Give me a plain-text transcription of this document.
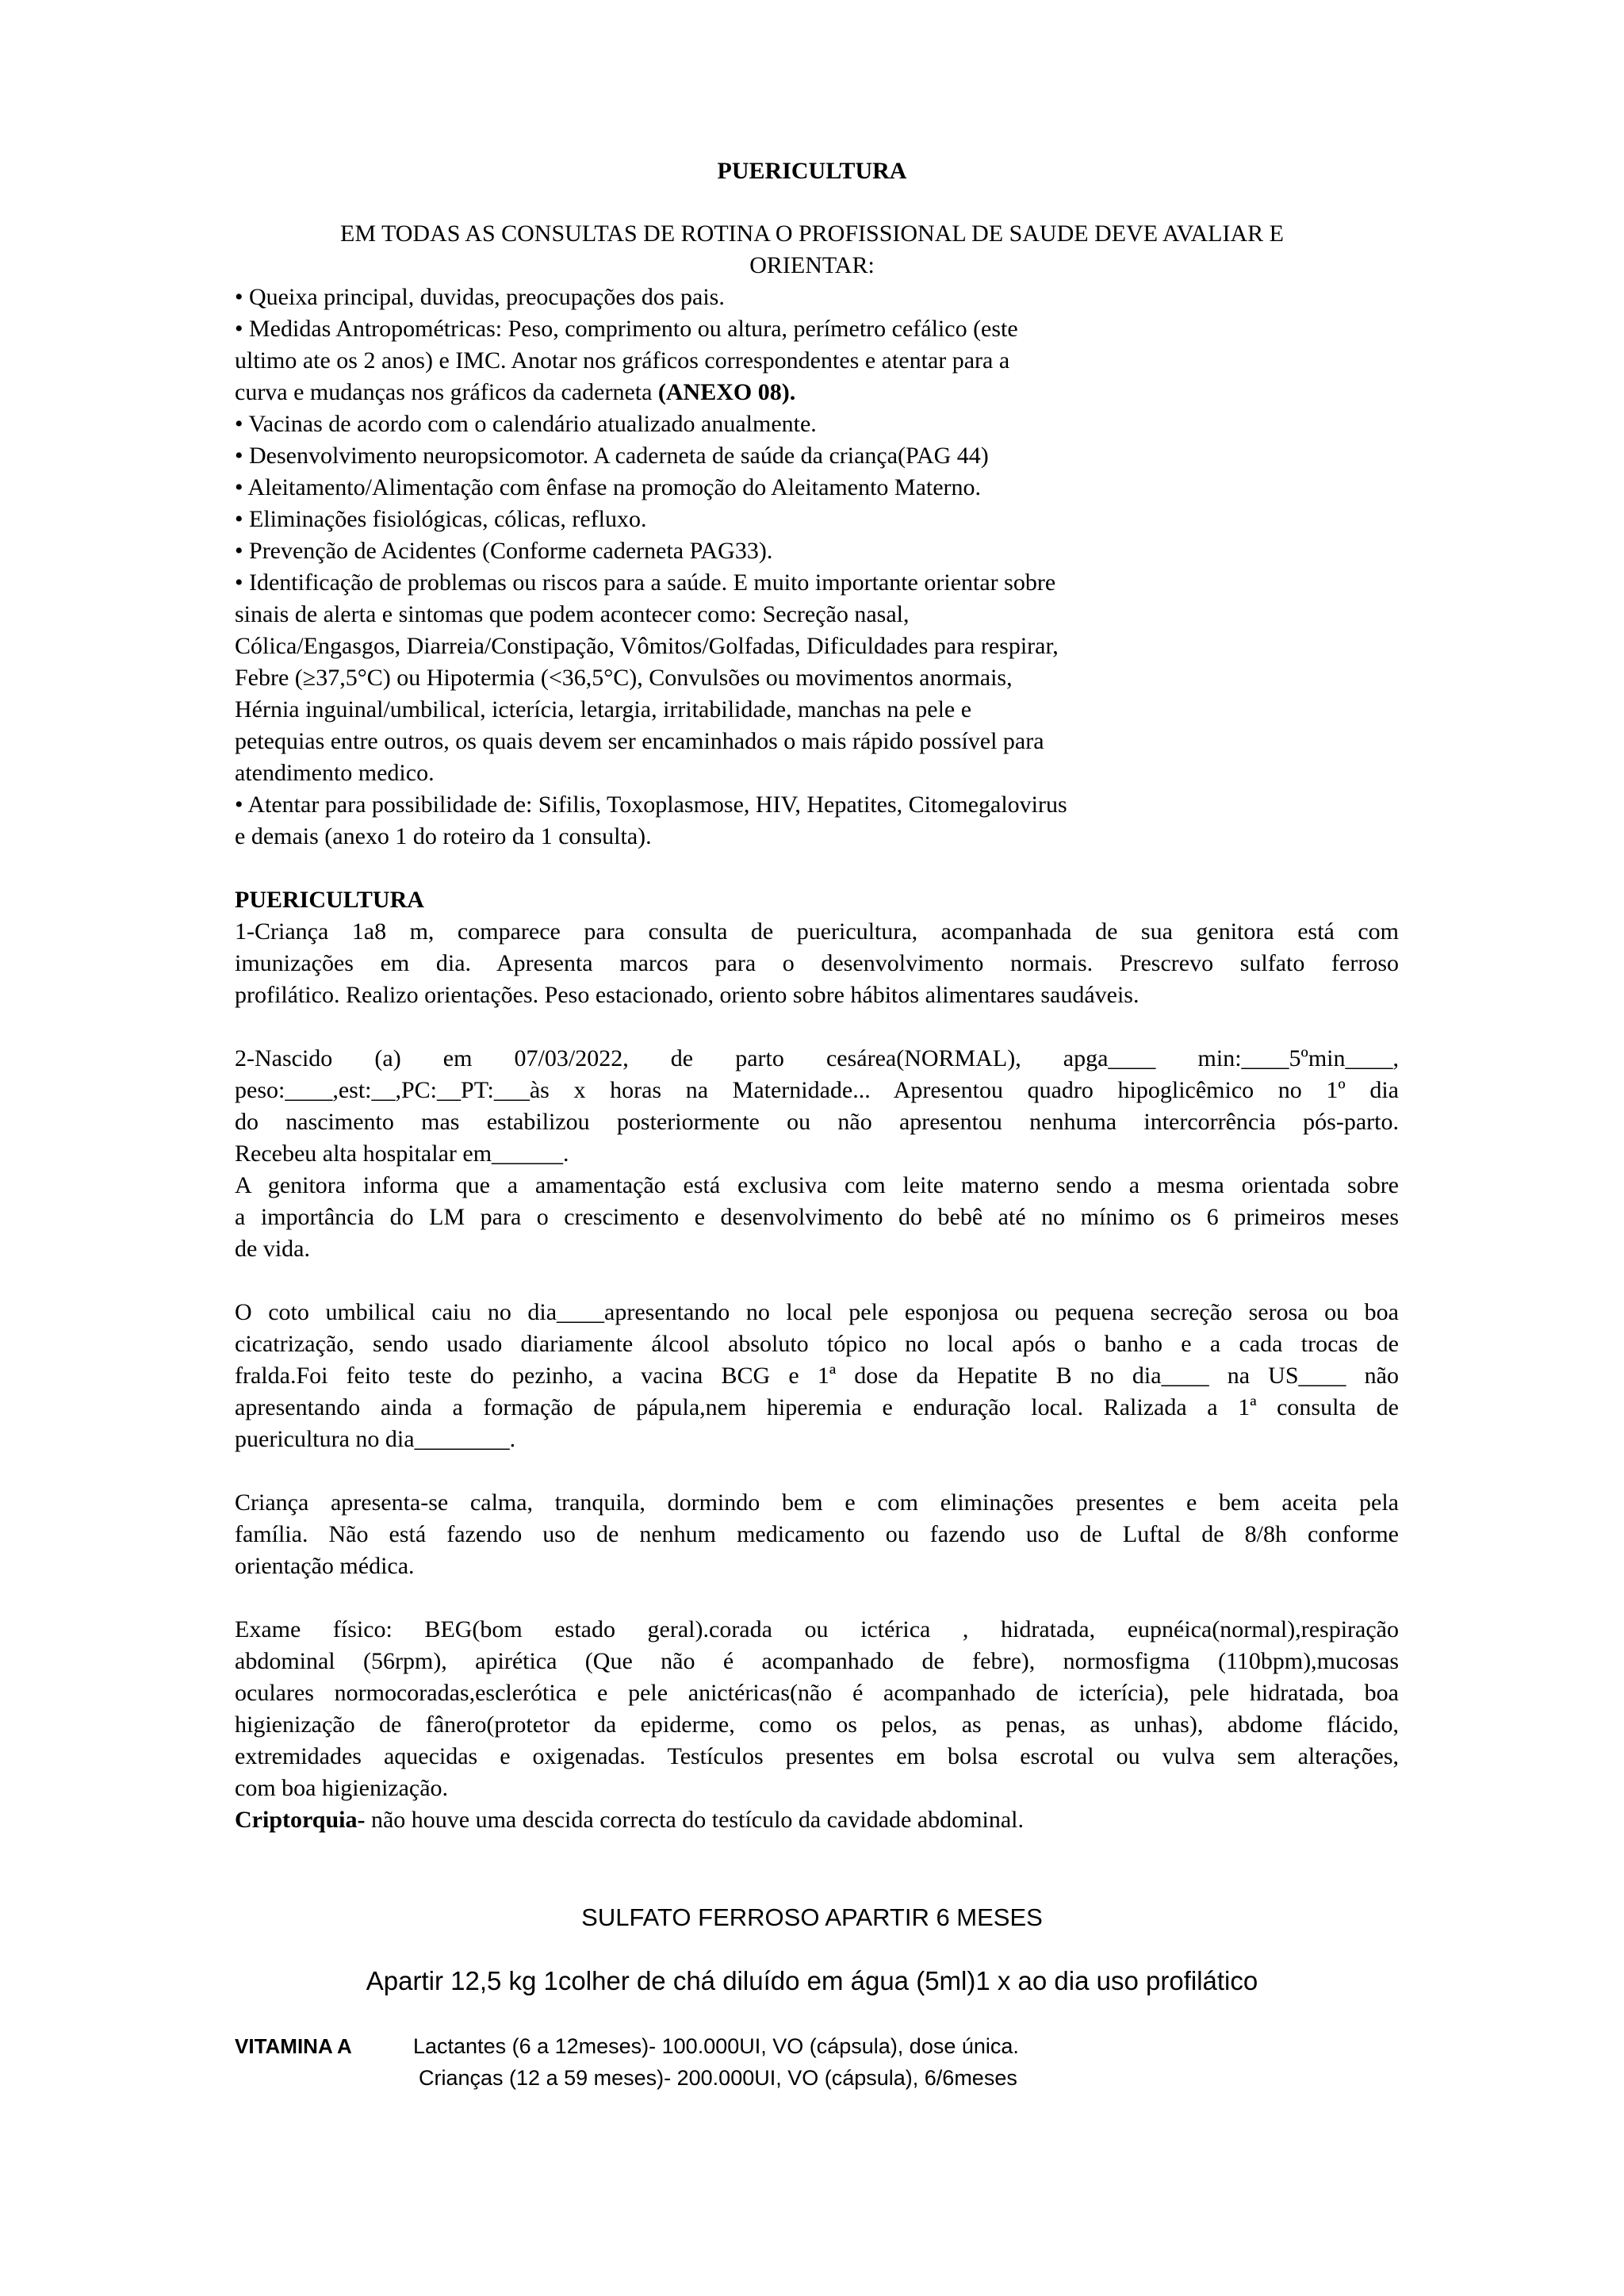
PUERICULTURA

EM TODAS AS CONSULTAS DE ROTINA O PROFISSIONAL DE SAUDE DEVE AVALIAR E

ORIENTAR:

• Queixa principal, duvidas, preocupações dos pais.

• Medidas Antropométricas: Peso, comprimento ou altura, perímetro cefálico (este

ultimo ate os 2 anos) e IMC. Anotar nos gráficos correspondentes e atentar para a

curva e mudanças nos gráficos da caderneta (ANEXO 08).

• Vacinas de acordo com o calendário atualizado anualmente.

• Desenvolvimento neuropsicomotor. A caderneta de saúde da criança(PAG 44)

• Aleitamento/Alimentação com ênfase na promoção do Aleitamento Materno.

• Eliminações fisiológicas, cólicas, refluxo.

• Prevenção de Acidentes (Conforme caderneta PAG33).

• Identificação de problemas ou riscos para a saúde. E muito importante orientar sobre

sinais de alerta e sintomas que podem acontecer como: Secreção nasal,

Cólica/Engasgos, Diarreia/Constipação, Vômitos/Golfadas, Dificuldades para respirar,

Febre (≥37,5°C) ou Hipotermia (<36,5°C), Convulsões ou movimentos anormais,

Hérnia inguinal/umbilical, icterícia, letargia, irritabilidade, manchas na pele e

petequias entre outros, os quais devem ser encaminhados o mais rápido possível para

atendimento medico.

• Atentar para possibilidade de: Sifilis, Toxoplasmose, HIV, Hepatites, Citomegalovirus

e demais (anexo 1 do roteiro da 1 consulta).

PUERICULTURA

1-Criança 1a8 m, comparece para consulta de puericultura, acompanhada de sua genitora está com
imunizações em dia. Apresenta marcos para o desenvolvimento normais. Prescrevo sulfato ferroso
profilático. Realizo orientações. Peso estacionado, oriento sobre hábitos alimentares saudáveis.
2-Nascido (a) em 07/03/2022, de parto cesárea(NORMAL), apga____ min:____5ºmin____,
peso:____,est:__,PC:__PT:___às x horas na Maternidade... Apresentou quadro hipoglicêmico no 1º dia
do nascimento mas estabilizou posteriormente ou não apresentou nenhuma intercorrência pós-parto.
Recebeu alta hospitalar em______.
A genitora informa que a amamentação está exclusiva com leite materno sendo a mesma orientada sobre
a importância do LM para o crescimento e desenvolvimento do bebê até no mínimo os 6 primeiros meses
de vida.
O coto umbilical caiu no dia____apresentando no local pele esponjosa ou pequena secreção serosa ou boa
cicatrização, sendo usado diariamente álcool absoluto tópico no local após o banho e a cada trocas de
fralda.Foi feito teste do pezinho, a vacina BCG e 1ª dose da Hepatite B no dia____ na US____ não
apresentando ainda a formação de pápula,nem hiperemia e enduração local. Ralizada a 1ª consulta de
puericultura no dia________.
Criança apresenta-se calma, tranquila, dormindo bem e com eliminações presentes e bem aceita pela
família. Não está fazendo uso de nenhum medicamento ou fazendo uso de Luftal de 8/8h conforme
orientação médica.
Exame físico: BEG(bom estado geral).corada ou ictérica , hidratada, eupnéica(normal),respiração
abdominal (56rpm), apirética (Que não é acompanhado de febre), normosfigma (110bpm),mucosas
oculares normocoradas,esclerótica e pele anictéricas(não é acompanhado de icterícia), pele hidratada, boa
higienização de fânero(protetor da epiderme, como os pelos, as penas, as unhas), abdome flácido,
extremidades aquecidas e oxigenadas. Testículos presentes em bolsa escrotal ou vulva sem alterações,
com boa higienização.

Criptorquia- não houve uma descida correcta do testículo da cavidade abdominal.

SULFATO FERROSO APARTIR 6 MESES

Apartir 12,5 kg 1colher de chá diluído em água (5ml)1 x ao dia uso profilático

VITAMINA A	Lactantes (6 a 12meses)- 100.000UI, VO (cápsula), dose única.

Crianças (12 a 59 meses)- 200.000UI, VO (cápsula), 6/6meses
